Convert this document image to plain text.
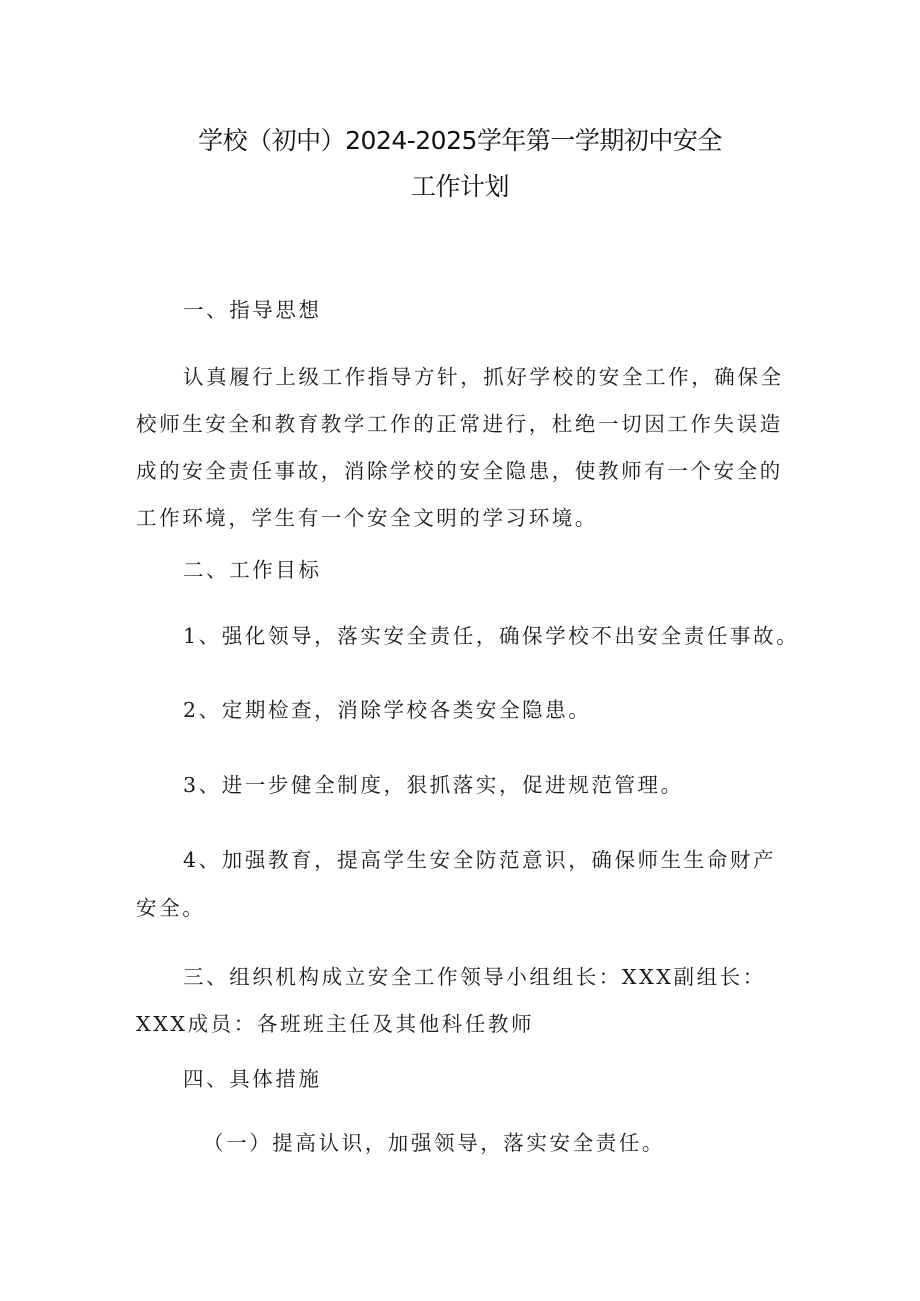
学校（初中）2024-2025学年第一学期初中安全
工作计划
一、指导思想
认真履行上级工作指导方针，抓好学校的安全工作，确保全
校师生安全和教育教学工作的正常进行，杜绝一切因工作失误造
成的安全责任事故，消除学校的安全隐患，使教师有一个安全的
工作环境，学生有一个安全文明的学习环境。
二、工作目标
1、强化领导，落实安全责任，确保学校不出安全责任事故。
2、定期检查，消除学校各类安全隐患。
3、进一步健全制度，狠抓落实，促进规范管理。
4、加强教育，提高学生安全防范意识，确保师生生命财产
安全。
三、组织机构成立安全工作领导小组组长：XXX副组长：
XXX成员：各班班主任及其他科任教师
四、具体措施
（一）提高认识，加强领导，落实安全责任。
